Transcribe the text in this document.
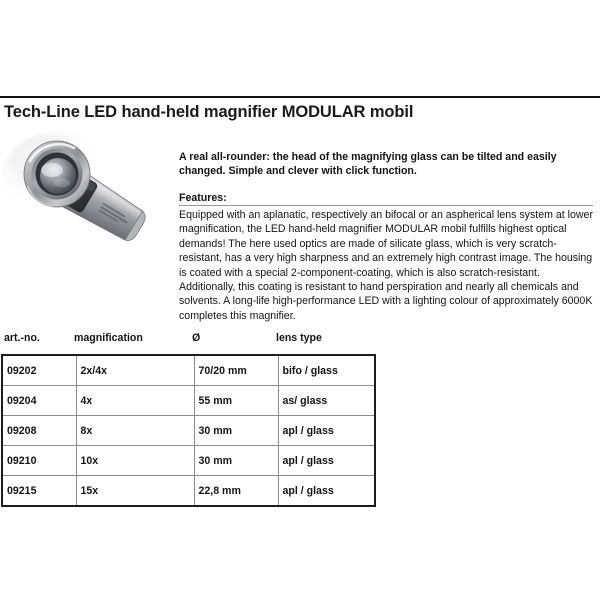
Tech-Line LED hand-held magnifier MODULAR mobil
A real all-rounder: the head of the magnifying glass can be tilted and easily changed. Simple and clever with click function.
Features:
Equipped with an aplanatic, respectively an bifocal or an aspherical lens system at lower magnification, the LED hand-held magnifier MODULAR mobil fulfills highest optical demands! The here used optics are made of silicate glass, which is very scratch-resistant, has a very high sharpness and an extremely high contrast image. The housing is coated with a special 2-component-coating, which is also scratch-resistant. Additionally, this coating is resistant to hand perspiration and nearly all chemicals and solvents. A long-life high-performance LED with a lighting colour of approximately 6000K completes this magnifier.
art.-no.	magnification	Ø	lens type
09202	2x/4x	70/20 mm	bifo / glass
09204	4x	55 mm	as/ glass
09208	8x	30 mm	apl / glass
09210	10x	30 mm	apl / glass
09215	15x	22,8 mm	apl / glass
